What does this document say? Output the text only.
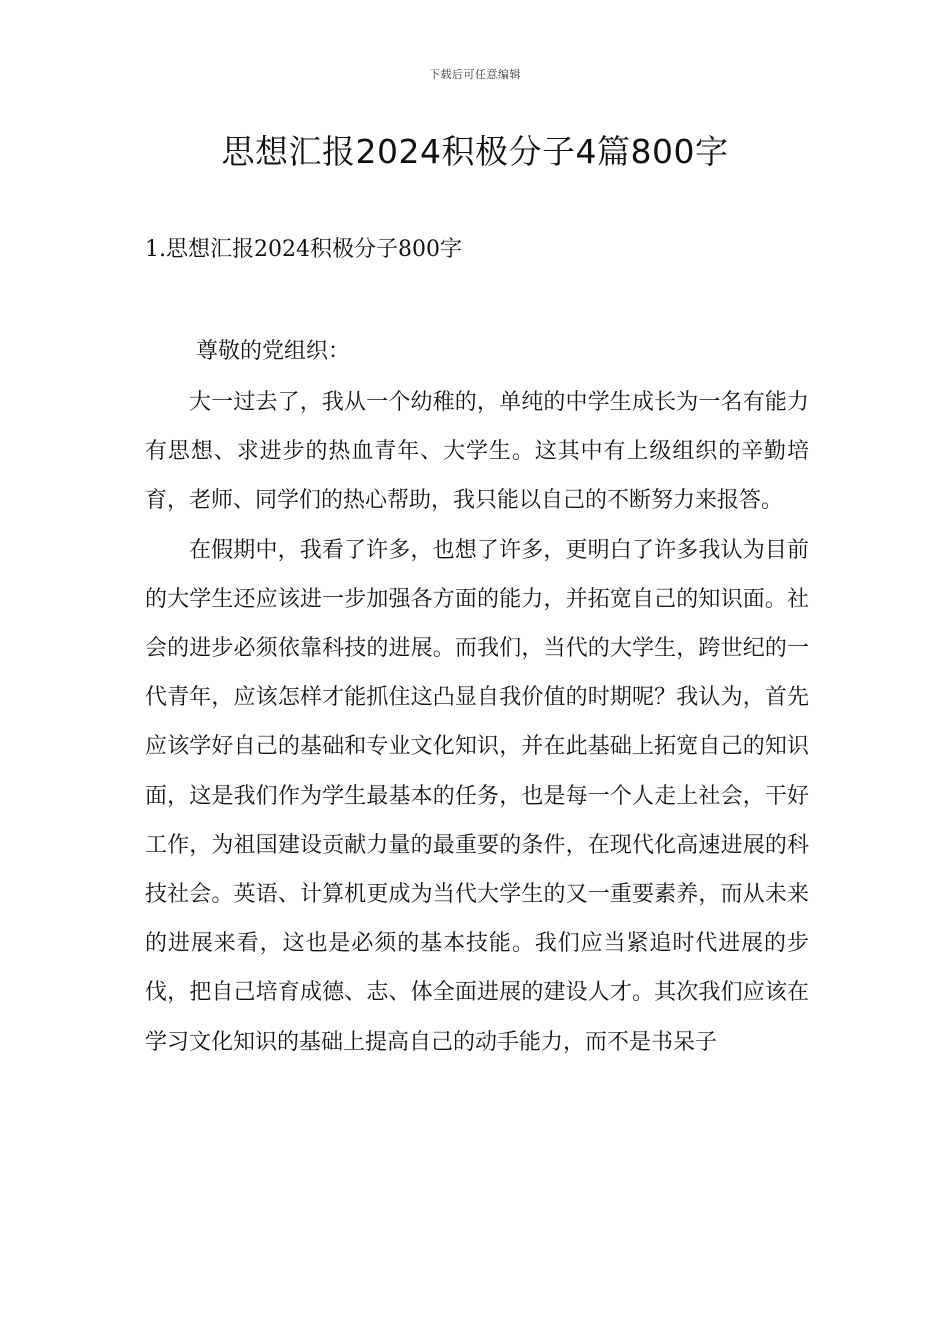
下载后可任意编辑
思想汇报2024积极分子4篇800字
1.思想汇报2024积极分子800字

尊敬的党组织：

大一过去了，我从一个幼稚的，单纯的中学生成长为一名有能力有思想、求进步的热血青年、大学生。这其中有上级组织的辛勤培育，老师、同学们的热心帮助，我只能以自己的不断努力来报答。

在假期中，我看了许多，也想了许多，更明白了许多我认为目前的大学生还应该进一步加强各方面的能力，并拓宽自己的知识面。社会的进步必须依靠科技的进展。而我们，当代的大学生，跨世纪的一代青年，应该怎样才能抓住这凸显自我价值的时期呢？我认为，首先应该学好自己的基础和专业文化知识，并在此基础上拓宽自己的知识面，这是我们作为学生最基本的任务，也是每一个人走上社会，干好工作，为祖国建设贡献力量的最重要的条件，在现代化高速进展的科技社会。英语、计算机更成为当代大学生的又一重要素养，而从未来的进展来看，这也是必须的基本技能。我们应当紧追时代进展的步伐，把自己培育成德、志、体全面进展的建设人才。其次我们应该在学习文化知识的基础上提高自己的动手能力，而不是书呆子
